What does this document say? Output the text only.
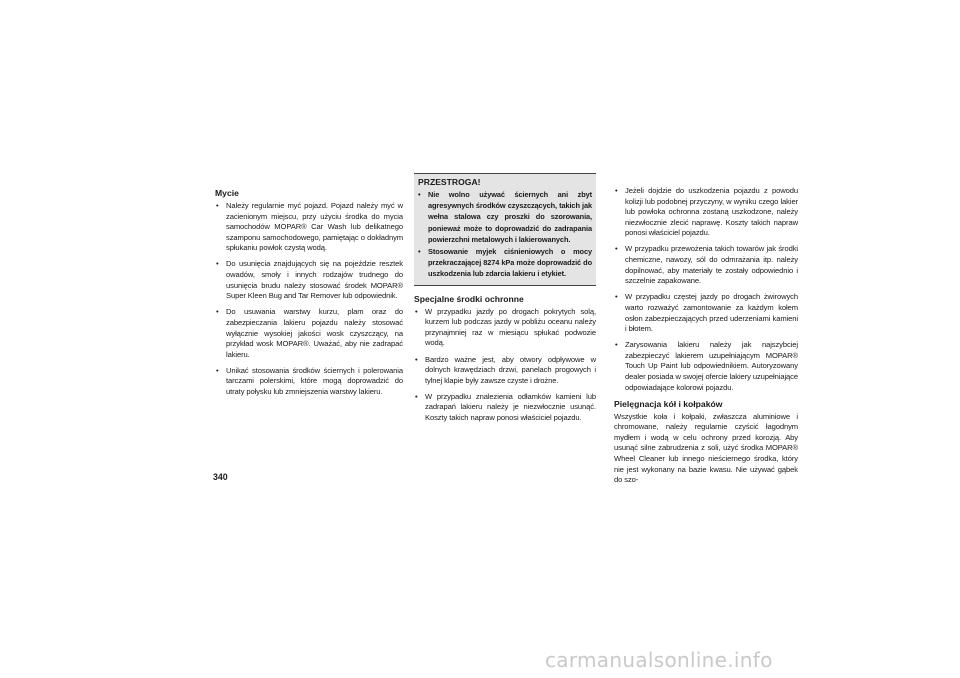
Mycie
• Należy regularnie myć pojazd. Pojazd należy myć w zacienionym miejscu, przy użyciu środka do mycia samochodów MOPAR® Car Wash lub delikatnego szamponu samochodowego, pamiętając o dokładnym spłukaniu powłok czystą wodą.
• Do usunięcia znajdujących się na pojeździe resztek owadów, smoły i innych rodzajów trudnego do usunięcia brudu należy stosować środek MOPAR® Super Kleen Bug and Tar Remover lub odpowiednik.
• Do usuwania warstwy kurzu, plam oraz do zabezpieczania lakieru pojazdu należy stosować wyłącznie wysokiej jakości wosk czyszczący, na przykład wosk MOPAR®. Uważać, aby nie zadrapać lakieru.
• Unikać stosowania środków ściernych i polerowania tarczami polerskimi, które mogą doprowadzić do utraty połysku lub zmniejszenia warstwy lakieru.
PRZESTROGA!
• Nie wolno używać ściernych ani zbyt agresywnych środków czyszczących, takich jak wełna stalowa czy proszki do szorowania, ponieważ może to doprowadzić do zadrapania powierzchni metalowych i lakierowanych.
• Stosowanie myjek ciśnieniowych o mocy przekraczającej 8274 kPa może doprowadzić do uszkodzenia lub zdarcia lakieru i etykiet.
Specjalne środki ochronne
• W przypadku jazdy po drogach pokrytych solą, kurzem lub podczas jazdy w pobliżu oceanu należy przynajmniej raz w miesiącu spłukać podwozie wodą.
• Bardzo ważne jest, aby otwory odpływowe w dolnych krawędziach drzwi, panelach progowych i tylnej klapie były zawsze czyste i drożne.
• W przypadku znalezienia odłamków kamieni lub zadrapań lakieru należy je niezwłocznie usunąć. Koszty takich napraw ponosi właściciel pojazdu.
• Jeżeli dojdzie do uszkodzenia pojazdu z powodu kolizji lub podobnej przyczyny, w wyniku czego lakier lub powłoka ochronna zostaną uszkodzone, należy niezwłocznie zlecić naprawę. Koszty takich napraw ponosi właściciel pojazdu.
• W przypadku przewożenia takich towarów jak środki chemiczne, nawozy, sól do odmrażania itp. należy dopilnować, aby materiały te zostały odpowiednio i szczelnie zapakowane.
• W przypadku częstej jazdy po drogach żwirowych warto rozważyć zamontowanie za każdym kołem osłon zabezpieczających przed uderzeniami kamieni i błotem.
• Zarysowania lakieru należy jak najszybciej zabezpieczyć lakierem uzupełniającym MOPAR® Touch Up Paint lub odpowiednikiem. Autoryzowany dealer posiada w swojej ofercie lakiery uzupełniające odpowiadające kolorowi pojazdu.
Pielęgnacja kół i kołpaków
Wszystkie koła i kołpaki, zwłaszcza aluminiowe i chromowane, należy regularnie czyścić łagodnym mydłem i wodą w celu ochrony przed korozją. Aby usunąć silne zabrudzenia z soli, użyć środka MOPAR® Wheel Cleaner lub innego nieściernego środka, który nie jest wykonany na bazie kwasu. Nie używać gąbek do szo-
340
carmanualsonline.info
